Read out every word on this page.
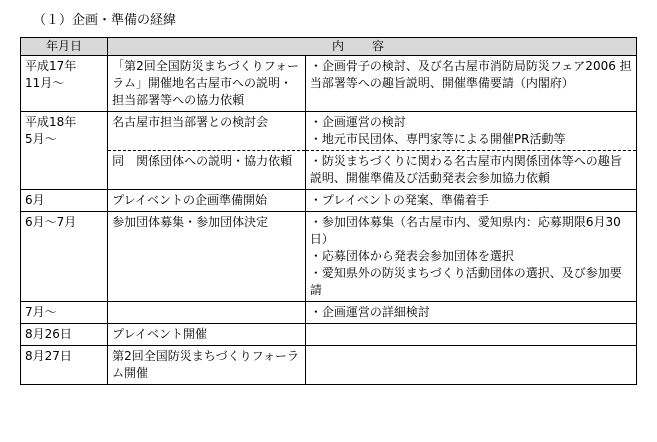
（１）企画・準備の経緯
年月日	内容	

平成17年
11月～	「第2回全国防災まちづくりフォーラム」開催地名古屋市への説明・担当部署等への協力依頼	・企画骨子の検討、及び名古屋市消防局防災フェア2006 担当部署等への趣旨説明、開催準備要請（内閣府）

平成18年
5月～	名古屋市担当部署との検討会	・企画運営の検討
・地元市民団体、専門家等による開催PR活動等

	同　関係団体への説明・協力依頼	・防災まちづくりに関わる名古屋市内関係団体等への趣旨説明、開催準備及び活動発表会参加協力依頼

6月	プレイベントの企画準備開始	・プレイベントの発案、準備着手

6月～7月	参加団体募集・参加団体決定	・参加団体募集（名古屋市内、愛知県内：応募期限6月30日）
・応募団体から発表会参加団体を選択
・愛知県外の防災まちづくり活動団体の選択、及び参加要請

7月～		・企画運営の詳細検討

8月26日	プレイベント開催	

8月27日	第2回全国防災まちづくりフォーラム開催	
